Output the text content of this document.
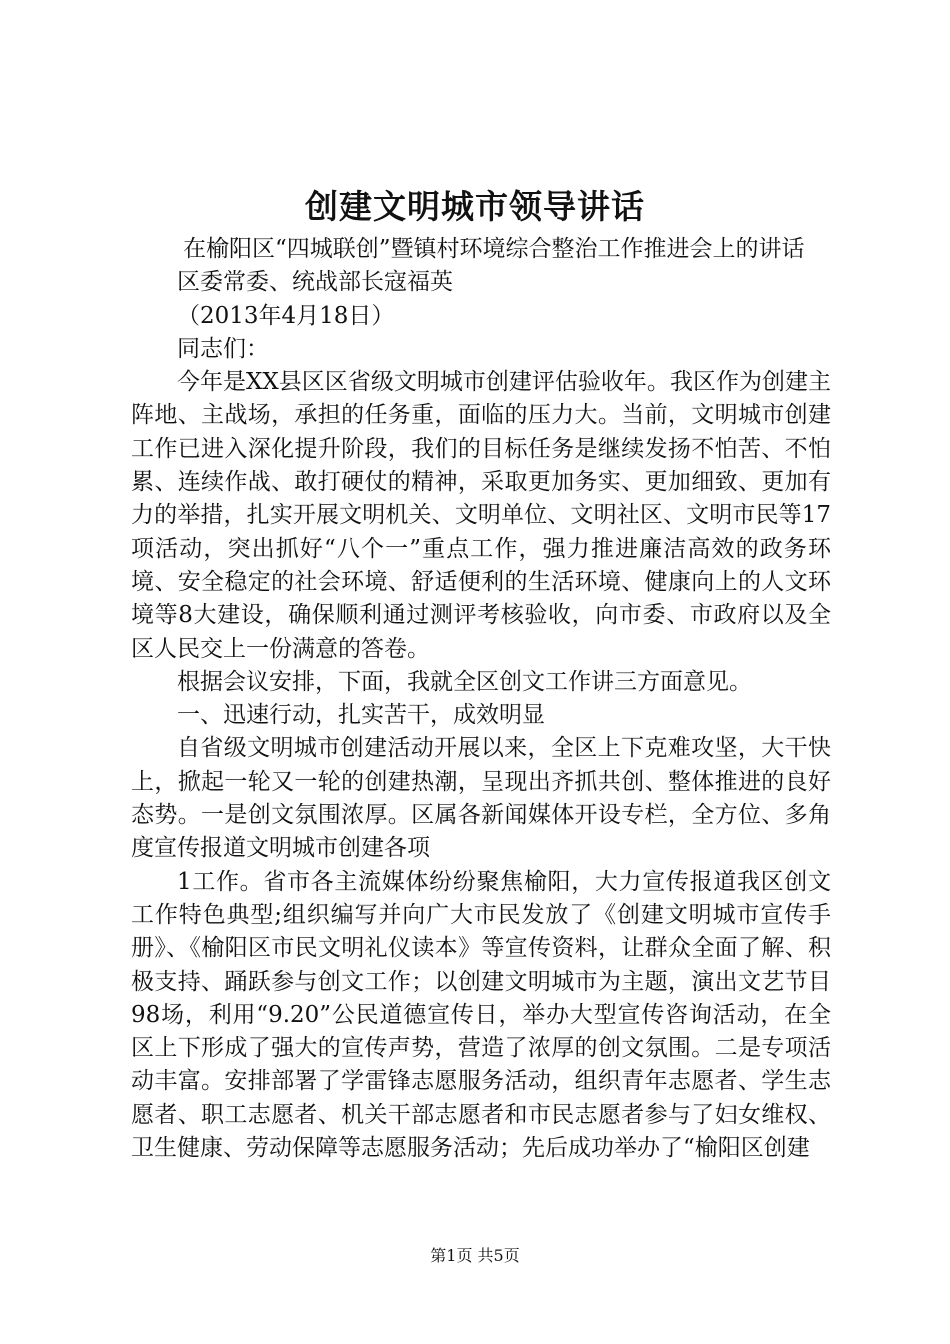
创建文明城市领导讲话

在榆阳区“四城联创”暨镇村环境综合整治工作推进会上的讲话

区委常委、统战部长寇福英

（2013年4月18日）

同志们：

今年是XX县区区省级文明城市创建评估验收年。我区作为创建主阵地、主战场，承担的任务重，面临的压力大。当前，文明城市创建工作已进入深化提升阶段，我们的目标任务是继续发扬不怕苦、不怕累、连续作战、敢打硬仗的精神，采取更加务实、更加细致、更加有力的举措，扎实开展文明机关、文明单位、文明社区、文明市民等17项活动，突出抓好“八个一”重点工作，强力推进廉洁高效的政务环境、安全稳定的社会环境、舒适便利的生活环境、健康向上的人文环境等8大建设，确保顺利通过测评考核验收，向市委、市政府以及全区人民交上一份满意的答卷。

根据会议安排，下面，我就全区创文工作讲三方面意见。

一、迅速行动，扎实苦干，成效明显

自省级文明城市创建活动开展以来，全区上下克难攻坚，大干快上，掀起一轮又一轮的创建热潮，呈现出齐抓共创、整体推进的良好态势。一是创文氛围浓厚。区属各新闻媒体开设专栏，全方位、多角度宣传报道文明城市创建各项

1工作。省市各主流媒体纷纷聚焦榆阳，大力宣传报道我区创文工作特色典型;组织编写并向广大市民发放了《创建文明城市宣传手册》、《榆阳区市民文明礼仪读本》等宣传资料，让群众全面了解、积极支持、踊跃参与创文工作；以创建文明城市为主题，演出文艺节目98场，利用“9.20”公民道德宣传日，举办大型宣传咨询活动，在全区上下形成了强大的宣传声势，营造了浓厚的创文氛围。二是专项活动丰富。安排部署了学雷锋志愿服务活动，组织青年志愿者、学生志愿者、职工志愿者、机关干部志愿者和市民志愿者参与了妇女维权、卫生健康、劳动保障等志愿服务活动；先后成功举办了“榆阳区创建

第1页 共5页
